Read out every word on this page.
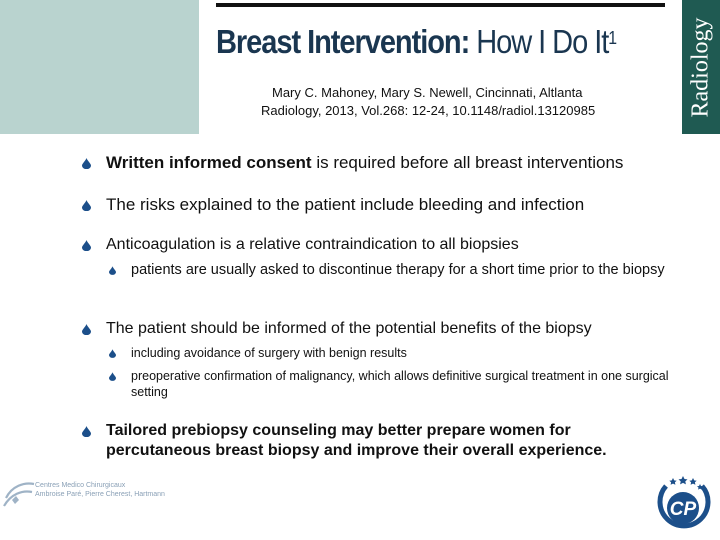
Breast Intervention: How I Do It$^1$
Mary C. Mahoney, Mary S. Newell, Cincinnati, Altlanta
Radiology, 2013, Vol.268: 12-24, 10.1148/radiol.13120985	Radiology
Written informed consent is required before all breast interventions
The risks explained to the patient include bleeding and infection
Anticoagulation is a relative contraindication to all biopsies
patients are usually asked to discontinue therapy for a short time prior to the biopsy
The patient should be informed of the potential benefits of the biopsy
including avoidance of surgery with benign results
preoperative confirmation of malignancy, which allows definitive surgical treatment in one surgical setting
Tailored prebiopsy counseling may better prepare women for percutaneous breast biopsy and improve their overall experience.
Centres Medico Chirurgicaux
Ambroise Paré, Pierre Cherest, Hartmann
CP
